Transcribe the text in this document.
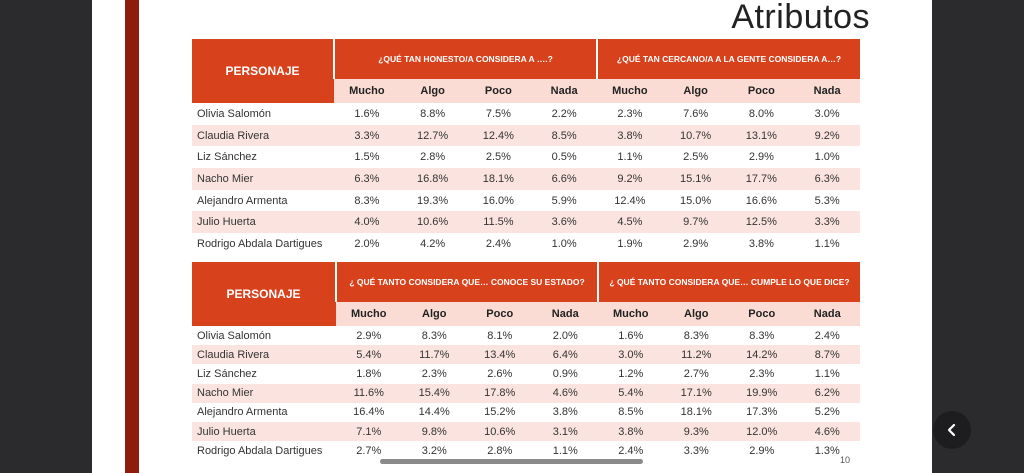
Atributos
PERSONAJE	¿QUÉ TAN HONESTO/A CONSIDERA A ….?				¿QUÉ TAN CERCANO/A A LA GENTE CONSIDERA A…?			
	Mucho	Algo	Poco	Nada	Mucho	Algo	Poco	Nada
Olivia Salomón	1.6%	8.8%	7.5%	2.2%	2.3%	7.6%	8.0%	3.0%
Claudia Rivera	3.3%	12.7%	12.4%	8.5%	3.8%	10.7%	13.1%	9.2%
Liz Sánchez	1.5%	2.8%	2.5%	0.5%	1.1%	2.5%	2.9%	1.0%
Nacho Mier	6.3%	16.8%	18.1%	6.6%	9.2%	15.1%	17.7%	6.3%
Alejandro Armenta	8.3%	19.3%	16.0%	5.9%	12.4%	15.0%	16.6%	5.3%
Julio Huerta	4.0%	10.6%	11.5%	3.6%	4.5%	9.7%	12.5%	3.3%
Rodrigo Abdala Dartigues	2.0%	4.2%	2.4%	1.0%	1.9%	2.9%	3.8%	1.1%
PERSONAJE	¿ QUÉ TANTO CONSIDERA QUE… CONOCE SU ESTADO?				¿ QUÉ TANTO CONSIDERA QUE… CUMPLE LO QUE DICE?			
	Mucho	Algo	Poco	Nada	Mucho	Algo	Poco	Nada
Olivia Salomón	2.9%	8.3%	8.1%	2.0%	1.6%	8.3%	8.3%	2.4%
Claudia Rivera	5.4%	11.7%	13.4%	6.4%	3.0%	11.2%	14.2%	8.7%
Liz Sánchez	1.8%	2.3%	2.6%	0.9%	1.2%	2.7%	2.3%	1.1%
Nacho Mier	11.6%	15.4%	17.8%	4.6%	5.4%	17.1%	19.9%	6.2%
Alejandro Armenta	16.4%	14.4%	15.2%	3.8%	8.5%	18.1%	17.3%	5.2%
Julio Huerta	7.1%	9.8%	10.6%	3.1%	3.8%	9.3%	12.0%	4.6%
Rodrigo Abdala Dartigues	2.7%	3.2%	2.8%	1.1%	2.4%	3.3%	2.9%	1.3%
10
